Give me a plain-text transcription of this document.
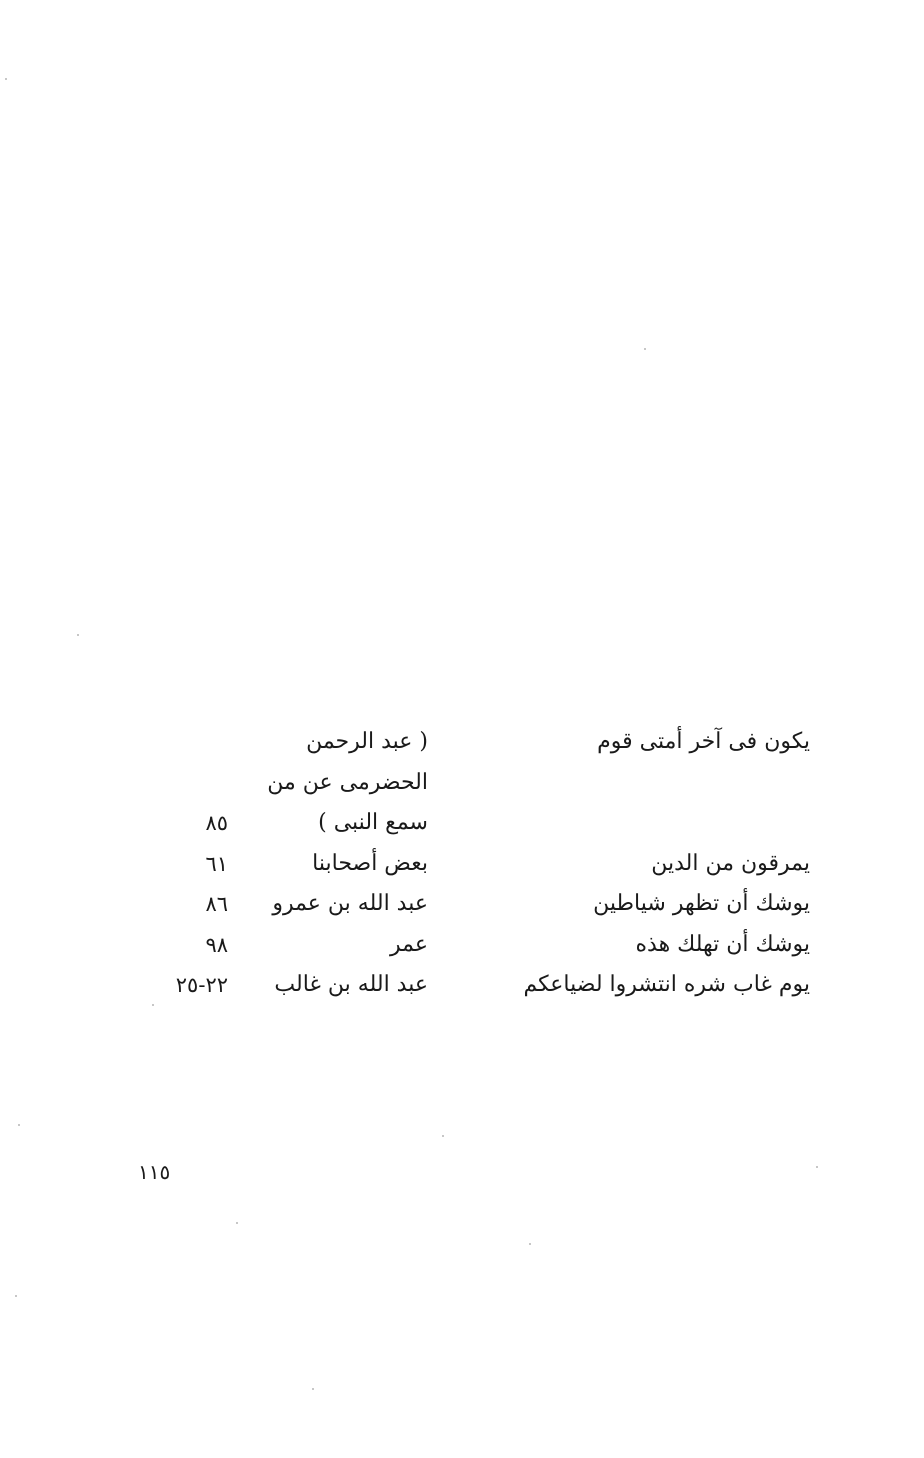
يكون فى آخر أمتى قوم
( عبد الرحمن
الحضرمى عن من
سمع النبى )
٨٥
يمرقون من الدين
بعض أصحابنا
٦١
يوشك أن تظهر شياطين
عبد الله بن عمرو
٨٦
يوشك أن تهلك هذه
عمر
٩٨
يوم غاب شره انتشروا لضياعكم
عبد الله بن غالب
٢٢-٢٥
١١٥
